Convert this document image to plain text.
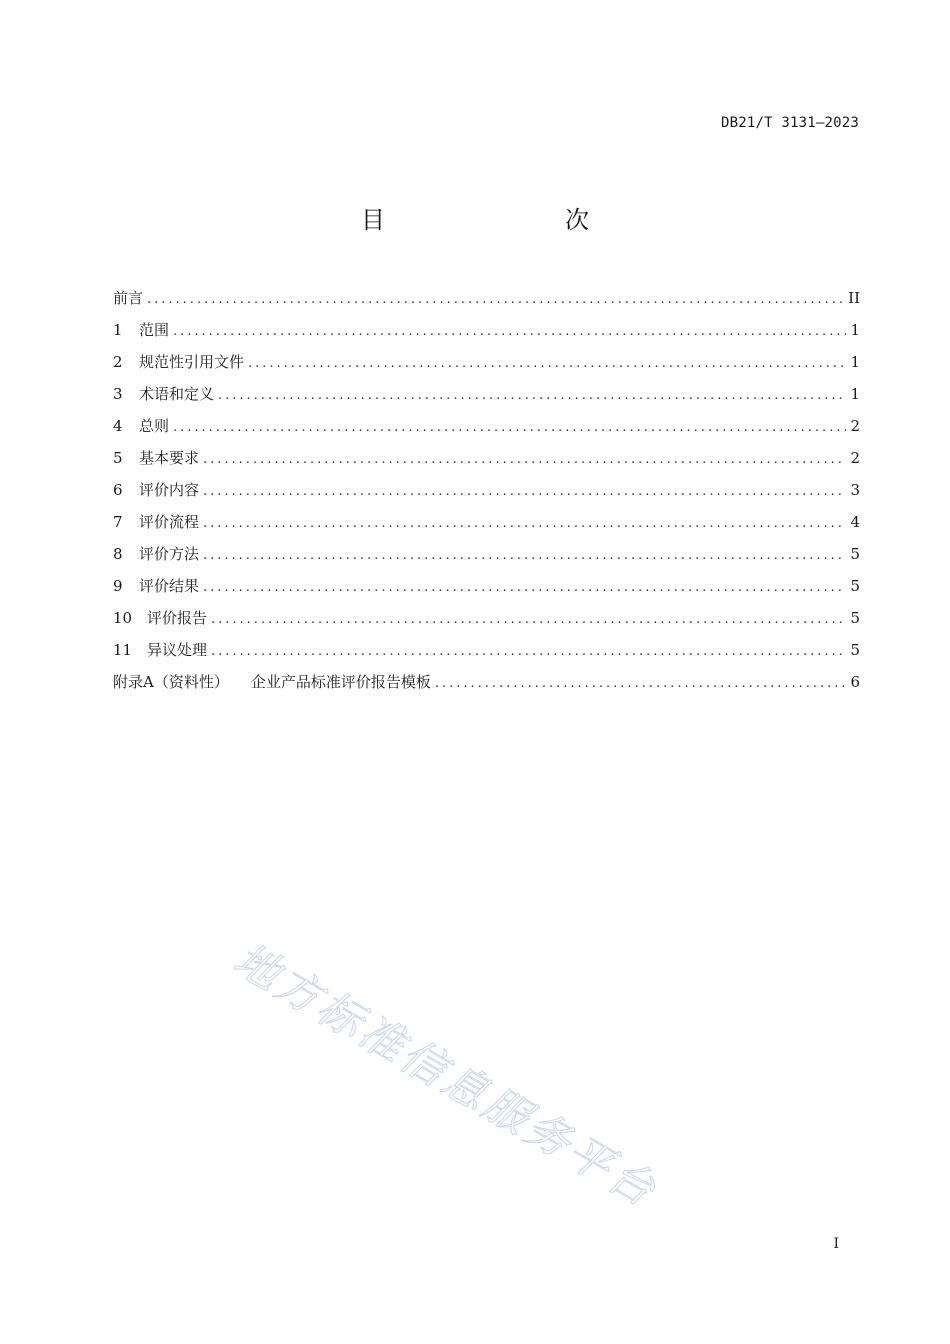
DB21/T 3131—2023
目　　次
前言 .....	II
1	范围 .....	1
2	规范性引用文件 .....	1
3	术语和定义 .....	1
4	总则 .....	2
5	基本要求 .....	2
6	评价内容 .....	3
7	评价流程 .....	4
8	评价方法 .....	5
9	评价结果 .....	5
10 评价报告 .....	5
11 异议处理 .....	5
附录A（资料性） 企业产品标准评价报告模板 .....	6
地方标准信息服务平台
I
